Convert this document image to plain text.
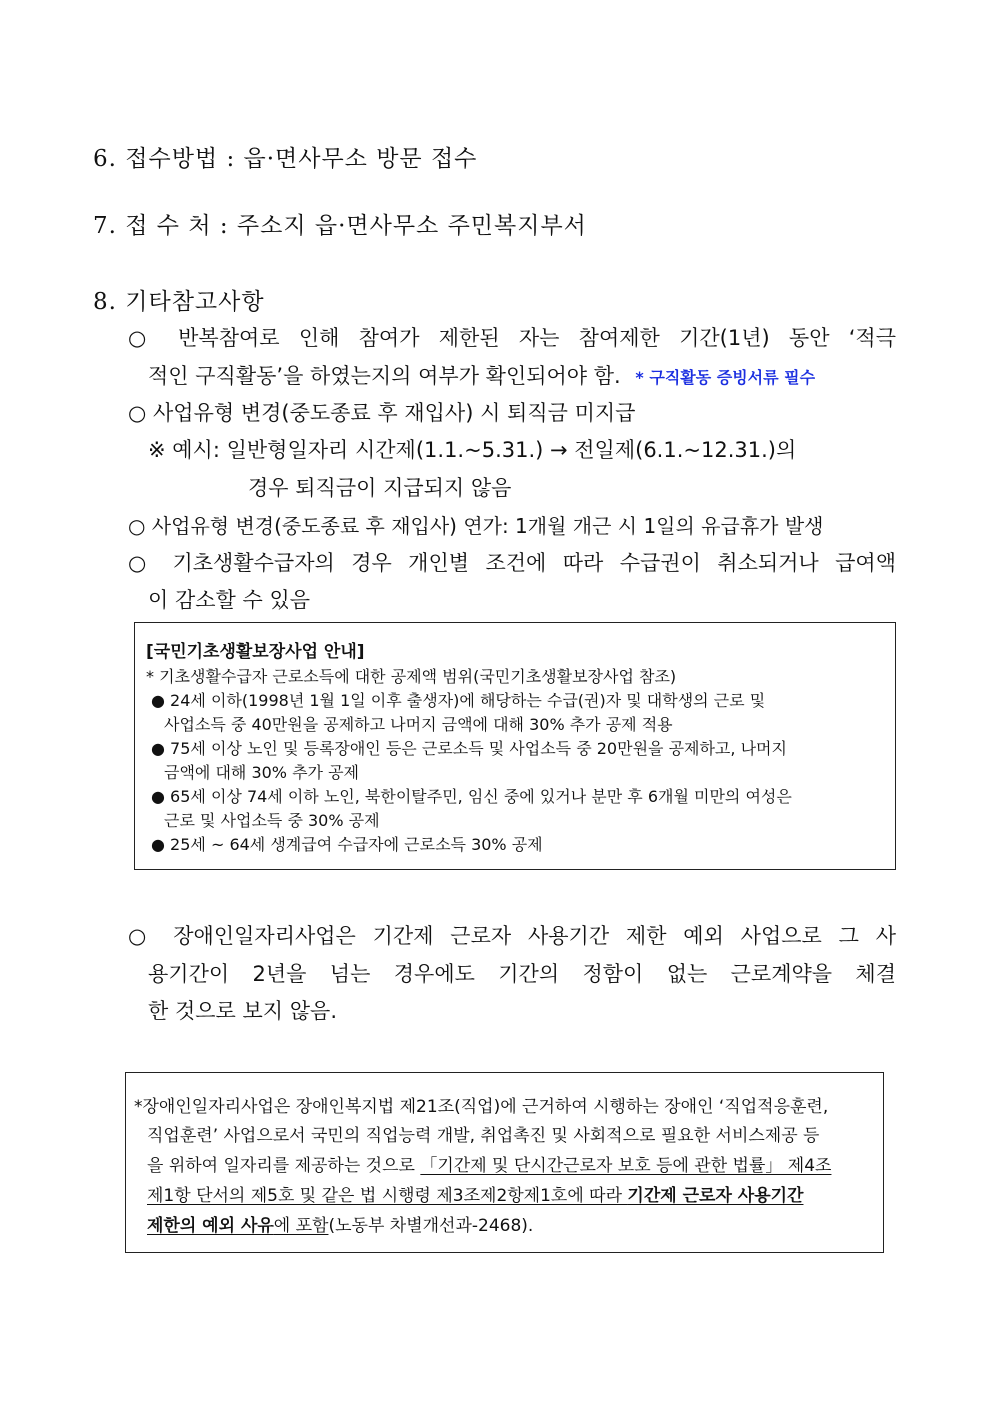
6. 접수방법 : 읍·면사무소 방문 접수
7. 접 수 처 : 주소지 읍·면사무소 주민복지부서
8. 기타참고사항
○ 반복참여로 인해 참여가 제한된 자는 참여제한 기간(1년) 동안 ‘적극
적인 구직활동’을 하였는지의 여부가 확인되어야 함. * 구직활동 증빙서류 필수
○ 사업유형 변경(중도종료 후 재입사) 시 퇴직금 미지급
※ 예시: 일반형일자리 시간제(1.1.~5.31.) → 전일제(6.1.~12.31.)의
경우 퇴직금이 지급되지 않음
○ 사업유형 변경(중도종료 후 재입사) 연가: 1개월 개근 시 1일의 유급휴가 발생
○ 기초생활수급자의 경우 개인별 조건에 따라 수급권이 취소되거나 급여액
이 감소할 수 있음
[국민기초생활보장사업 안내]
* 기초생활수급자 근로소득에 대한 공제액 범위(국민기초생활보장사업 참조)
● 24세 이하(1998년 1월 1일 이후 출생자)에 해당하는 수급(권)자 및 대학생의 근로 및
사업소득 중 40만원을 공제하고 나머지 금액에 대해 30% 추가 공제 적용
● 75세 이상 노인 및 등록장애인 등은 근로소득 및 사업소득 중 20만원을 공제하고, 나머지
금액에 대해 30% 추가 공제
● 65세 이상 74세 이하 노인, 북한이탈주민, 임신 중에 있거나 분만 후 6개월 미만의 여성은
근로 및 사업소득 중 30% 공제
● 25세 ~ 64세 생계급여 수급자에 근로소득 30% 공제
○ 장애인일자리사업은 기간제 근로자 사용기간 제한 예외 사업으로 그 사
용기간이 2년을 넘는 경우에도 기간의 정함이 없는 근로계약을 체결
한 것으로 보지 않음.
*장애인일자리사업은 장애인복지법 제21조(직업)에 근거하여 시행하는 장애인 ‘직업적응훈련,
직업훈련’ 사업으로서 국민의 직업능력 개발, 취업촉진 및 사회적으로 필요한 서비스제공 등
을 위하여 일자리를 제공하는 것으로 「기간제 및 단시간근로자 보호 등에 관한 법률」 제4조
제1항 단서의 제5호 및 같은 법 시행령 제3조제2항제1호에 따라 기간제 근로자 사용기간
제한의 예외 사유에 포함(노동부 차별개선과-2468).
